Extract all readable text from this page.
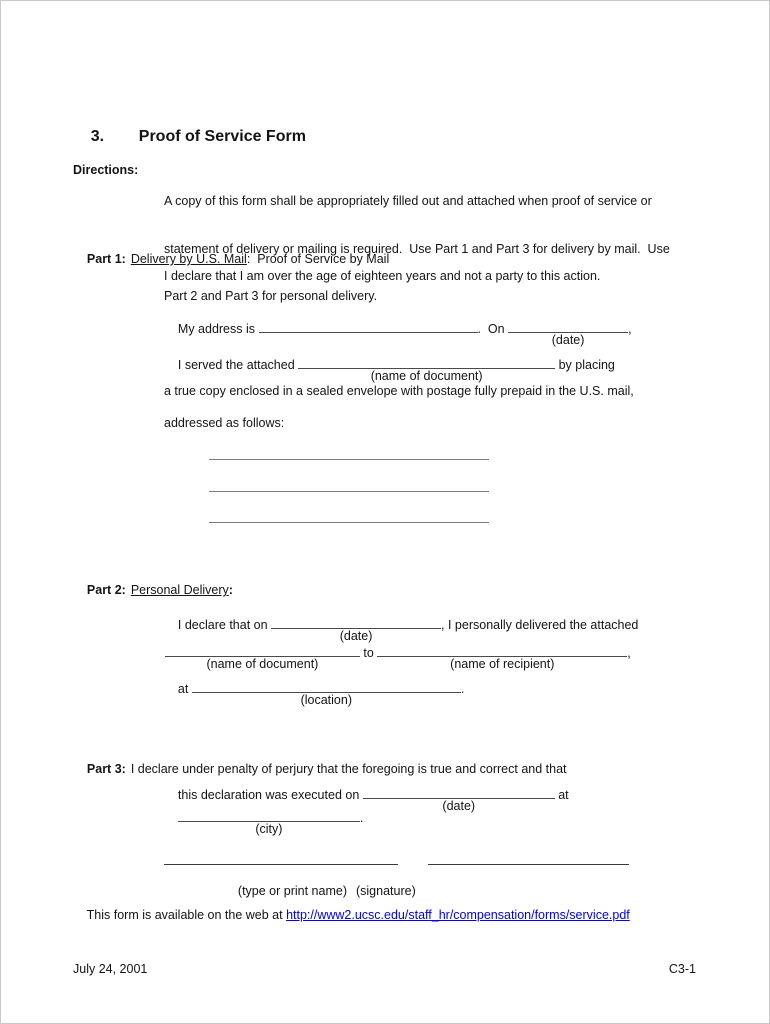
3. Proof of Service Form

Directions:

A copy of this form shall be appropriately filled out and attached when proof of service or

statement of delivery or mailing is required.  Use Part 1 and Part 3 for delivery by mail.  Use

Part 2 and Part 3 for personal delivery.

Part 1: Delivery by U.S. Mail:  Proof of Service by Mail

I declare that I am over the age of eighteen years and not a party to this action.

My address is	.  On
(date)
,

I served the attached
(name of document)
by placing

a true copy enclosed in a sealed envelope with postage fully prepaid in the U.S. mail,
addressed as follows:

Part 2: Personal Delivery:

I declare that on
(date)
, I personally delivered the attached

(name of document)
to
(name of recipient)
,

at
(location)
.

Part 3: I declare under penalty of perjury that the foregoing is true and correct and that

this declaration was executed on
(date)
at

(city)
.

(type or print name) (signature)

This form is available on the web at http://www2.ucsc.edu/staff_hr/compensation/forms/service.pdf

July 24, 2001	C3-1
